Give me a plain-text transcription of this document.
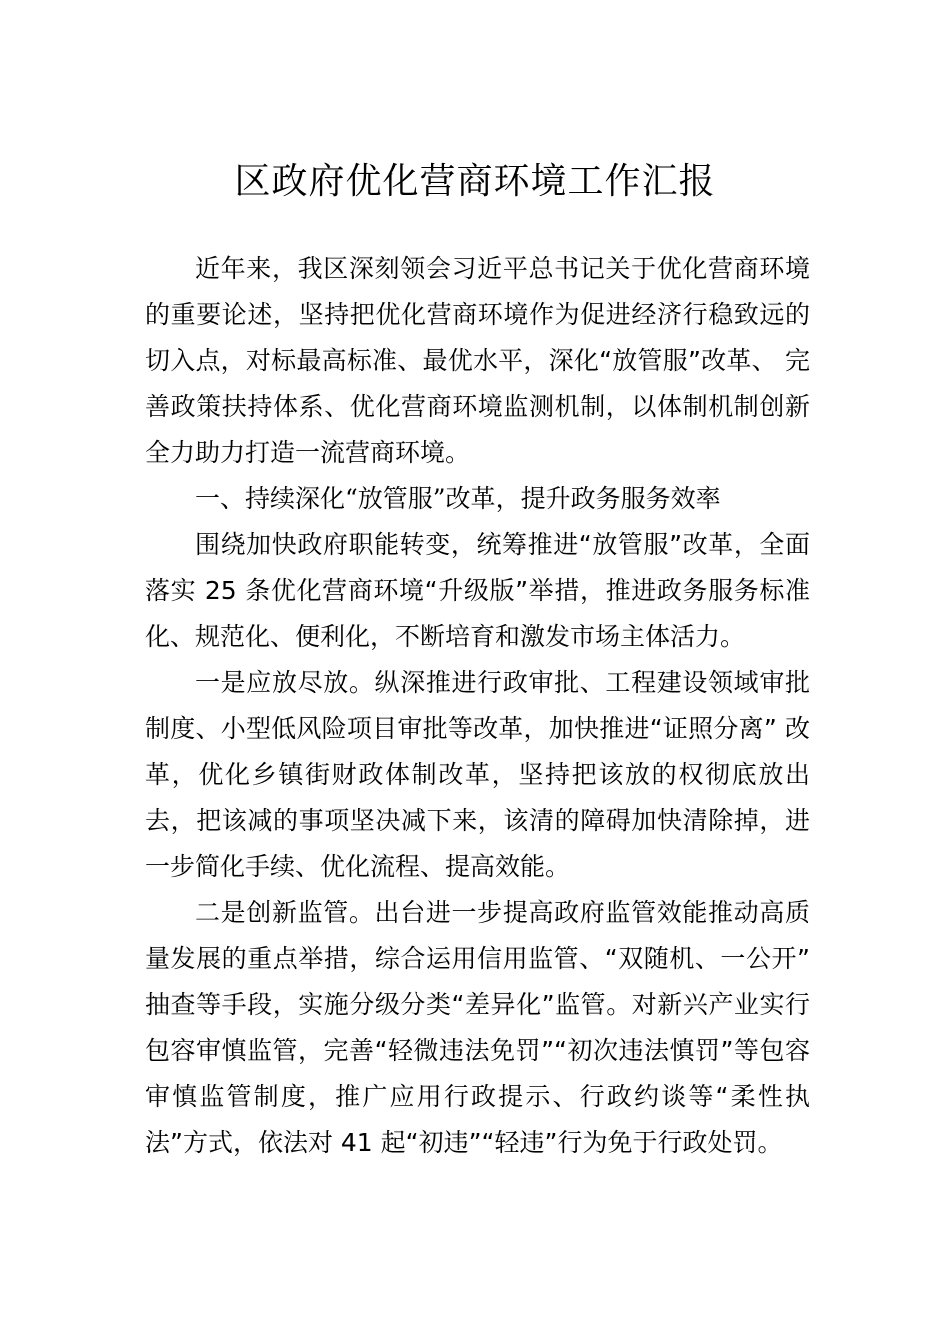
区政府优化营商环境工作汇报

近年来，我区深刻领会习近平总书记关于优化营商环境的重要论述，坚持把优化营商环境作为促进经济行稳致远的切入点，对标最高标准、最优水平，深化“放管服”改革、 完善政策扶持体系、优化营商环境监测机制，以体制机制创新全力助力打造一流营商环境。

一、持续深化“放管服”改革，提升政务服务效率

围绕加快政府职能转变，统筹推进“放管服”改革，全面落实 25 条优化营商环境“升级版”举措，推进政务服务标准化、规范化、便利化，不断培育和激发市场主体活力。

一是应放尽放。纵深推进行政审批、工程建设领域审批制度、小型低风险项目审批等改革，加快推进“证照分离” 改革，优化乡镇街财政体制改革，坚持把该放的权彻底放出去，把该减的事项坚决减下来，该清的障碍加快清除掉，进一步简化手续、优化流程、提高效能。

二是创新监管。出台进一步提高政府监管效能推动高质量发展的重点举措，综合运用信用监管、“双随机、一公开” 抽查等手段，实施分级分类“差异化”监管。对新兴产业实行包容审慎监管，完善“轻微违法免罚”“初次违法慎罚”等包容审慎监管制度，推广应用行政提示、行政约谈等“柔性执法”方式，依法对 41 起“初违”“轻违”行为免于行政处罚。
